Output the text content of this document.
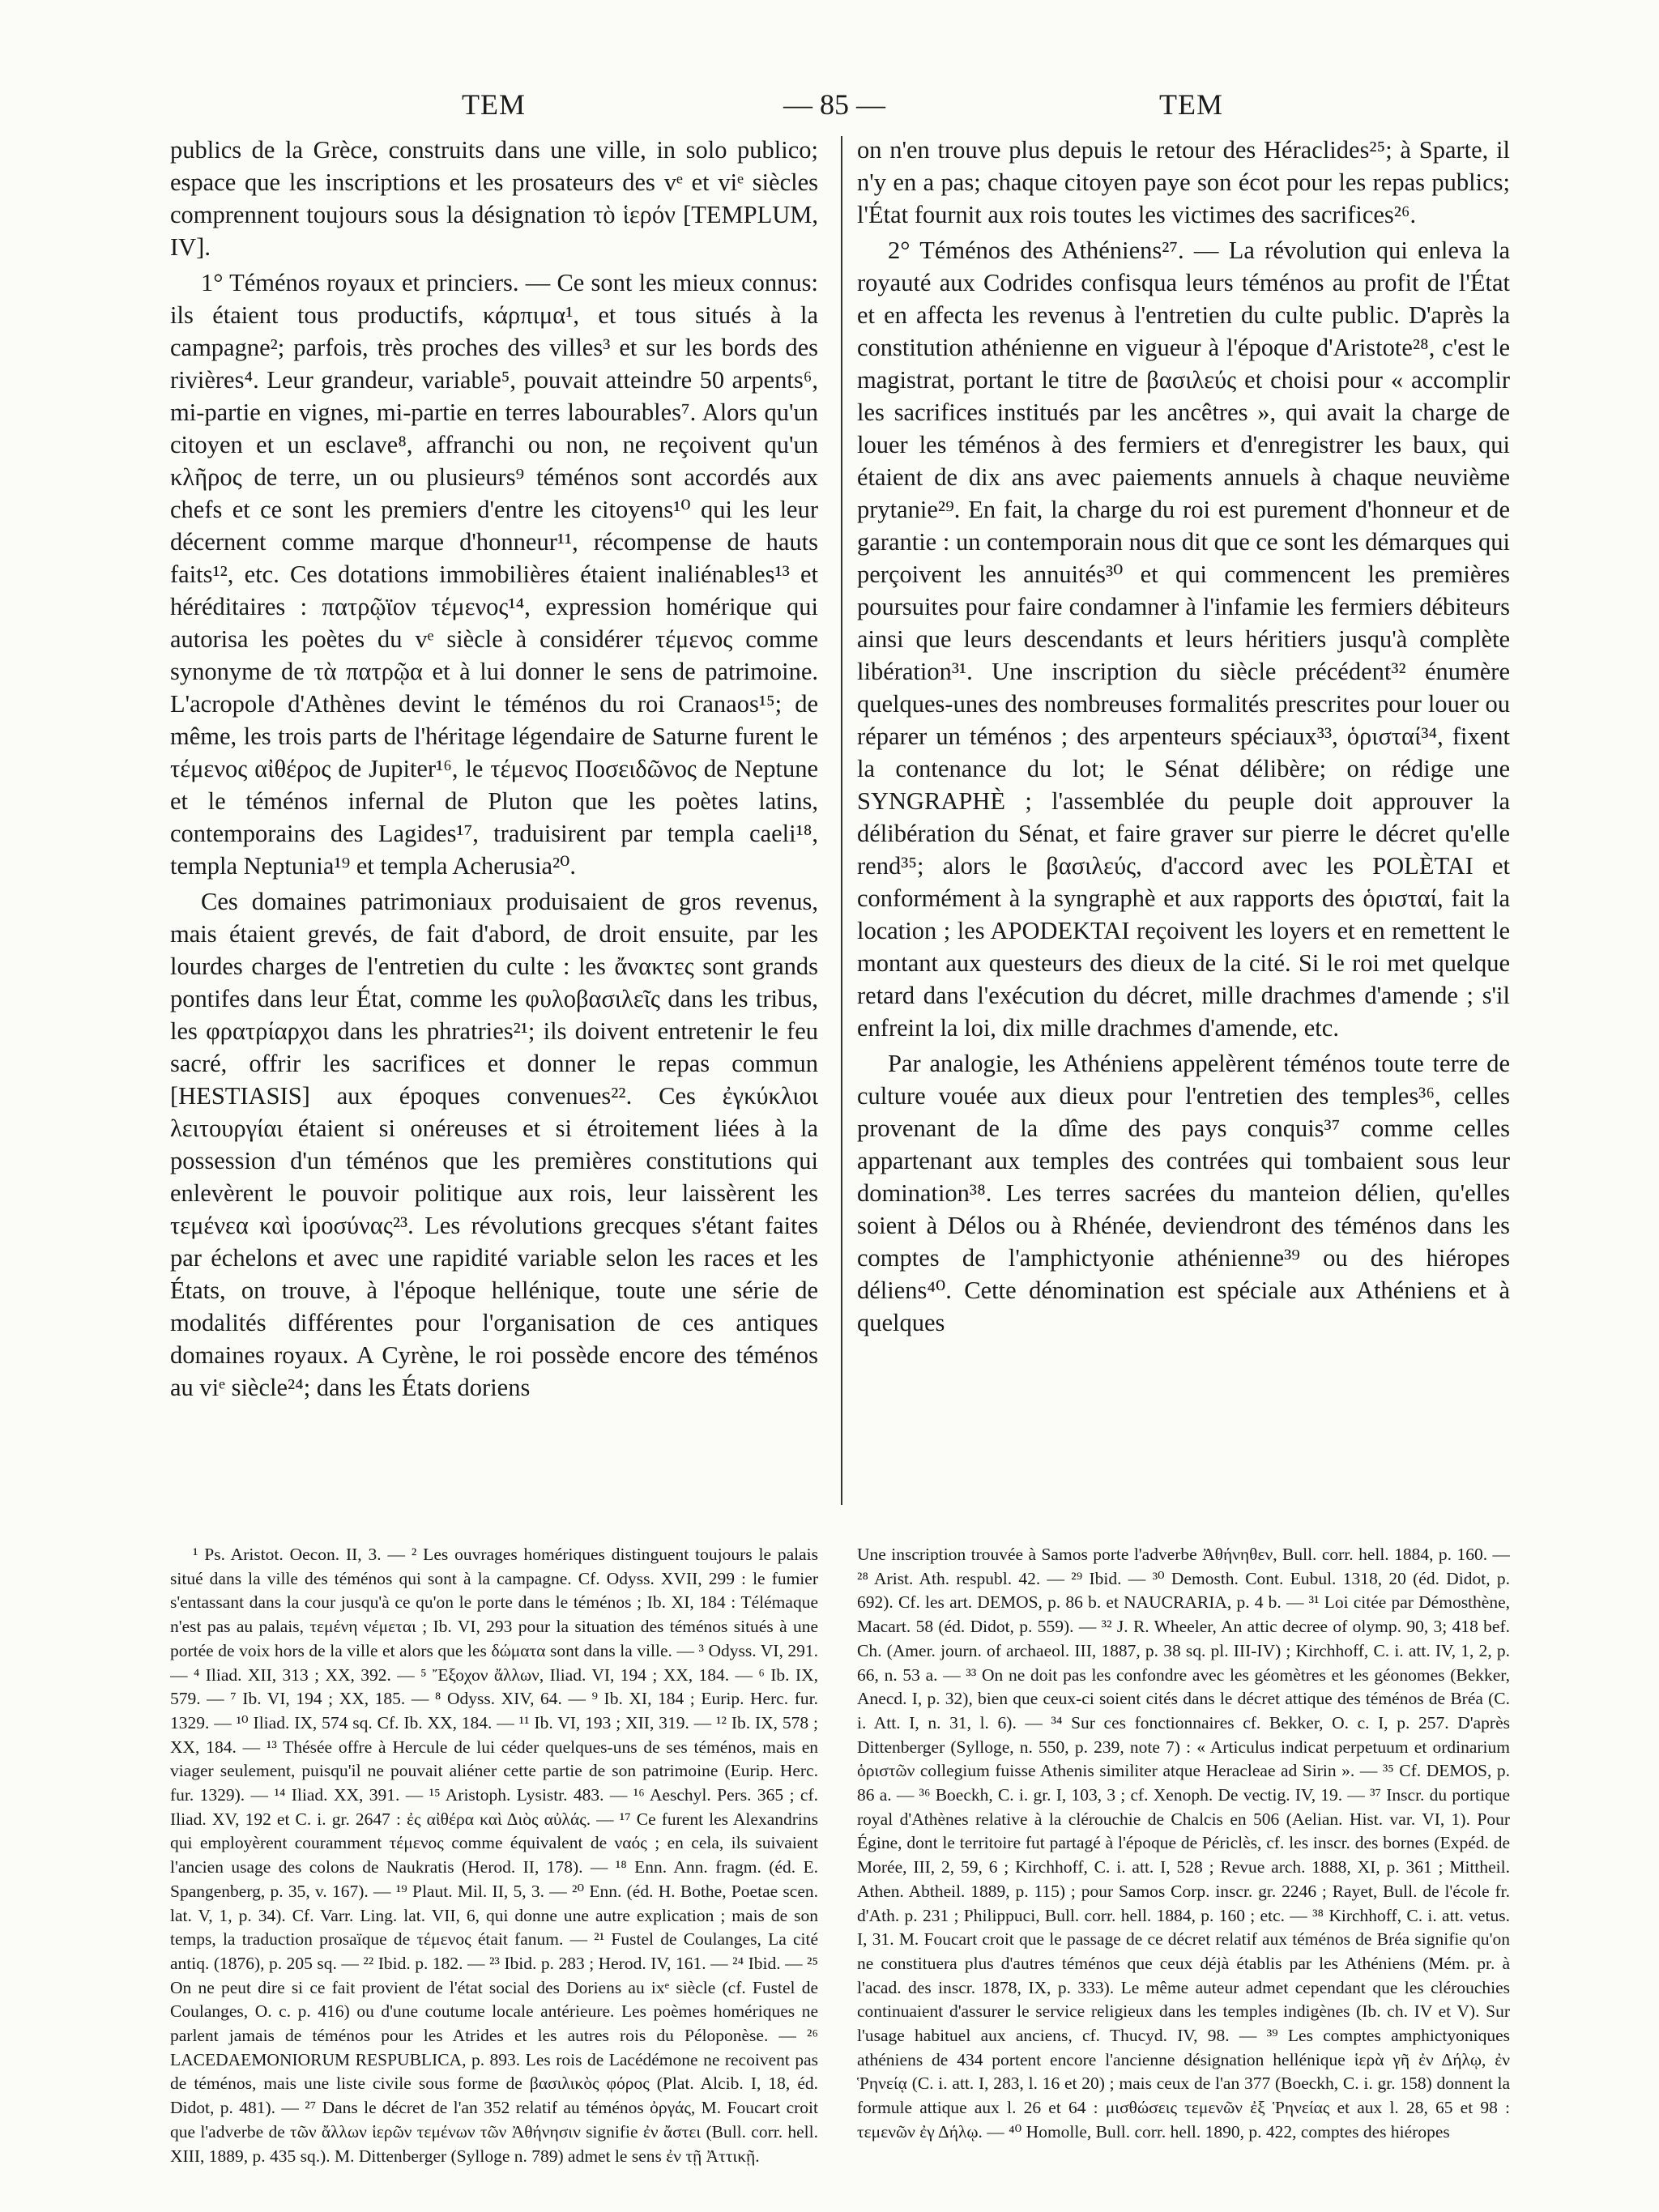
TEM	— 85 —	TEM

publics de la Grèce, construits dans une ville, in solo publico; espace que les inscriptions et les prosateurs des vᵉ et viᵉ siècles comprennent toujours sous la désignation τὸ ἱερόν [TEMPLUM, IV].

1° Téménos royaux et princiers. — Ce sont les mieux connus: ils étaient tous productifs, κάρπιμα¹, et tous situés à la campagne²; parfois, très proches des villes³ et sur les bords des rivières⁴. Leur grandeur, variable⁵, pouvait atteindre 50 arpents⁶, mi-partie en vignes, mi-partie en terres labourables⁷. Alors qu'un citoyen et un esclave⁸, affranchi ou non, ne reçoivent qu'un κλῆρος de terre, un ou plusieurs⁹ téménos sont accordés aux chefs et ce sont les premiers d'entre les citoyens¹⁰ qui les leur décernent comme marque d'honneur¹¹, récompense de hauts faits¹², etc. Ces dotations immobilières étaient inaliénables¹³ et héréditaires : πατρῷϊον τέμενος¹⁴, expression homérique qui autorisa les poètes du vᵉ siècle à considérer τέμενος comme synonyme de τὰ πατρῷα et à lui donner le sens de patrimoine. L'acropole d'Athènes devint le téménos du roi Cranaos¹⁵; de même, les trois parts de l'héritage légendaire de Saturne furent le τέμενος αἰθέρος de Jupiter¹⁶, le τέμενος Ποσειδῶνος de Neptune et le téménos infernal de Pluton que les poètes latins, contemporains des Lagides¹⁷, traduisirent par templa caeli¹⁸, templa Neptunia¹⁹ et templa Acherusia²⁰.

Ces domaines patrimoniaux produisaient de gros revenus, mais étaient grevés, de fait d'abord, de droit ensuite, par les lourdes charges de l'entretien du culte : les ἄνακτες sont grands pontifes dans leur État, comme les φυλοβασιλεῖς dans les tribus, les φρατρίαρχοι dans les phratries²¹; ils doivent entretenir le feu sacré, offrir les sacrifices et donner le repas commun [HESTIASIS] aux époques convenues²². Ces ἐγκύκλιοι λειτουργίαι étaient si onéreuses et si étroitement liées à la possession d'un téménos que les premières constitutions qui enlevèrent le pouvoir politique aux rois, leur laissèrent les τεμένεα καὶ ἱροσύνας²³. Les révolutions grecques s'étant faites par échelons et avec une rapidité variable selon les races et les États, on trouve, à l'époque hellénique, toute une série de modalités différentes pour l'organisation de ces antiques domaines royaux. A Cyrène, le roi possède encore des téménos au viᵉ siècle²⁴; dans les États doriens

on n'en trouve plus depuis le retour des Héraclides²⁵; à Sparte, il n'y en a pas; chaque citoyen paye son écot pour les repas publics; l'État fournit aux rois toutes les victimes des sacrifices²⁶.

2° Téménos des Athéniens²⁷. — La révolution qui enleva la royauté aux Codrides confisqua leurs téménos au profit de l'État et en affecta les revenus à l'entretien du culte public. D'après la constitution athénienne en vigueur à l'époque d'Aristote²⁸, c'est le magistrat, portant le titre de βασιλεύς et choisi pour « accomplir les sacrifices institués par les ancêtres », qui avait la charge de louer les téménos à des fermiers et d'enregistrer les baux, qui étaient de dix ans avec paiements annuels à chaque neuvième prytanie²⁹. En fait, la charge du roi est purement d'honneur et de garantie : un contemporain nous dit que ce sont les démarques qui perçoivent les annuités³⁰ et qui commencent les premières poursuites pour faire condamner à l'infamie les fermiers débiteurs ainsi que leurs descendants et leurs héritiers jusqu'à complète libération³¹. Une inscription du siècle précédent³² énumère quelques-unes des nombreuses formalités prescrites pour louer ou réparer un téménos ; des arpenteurs spéciaux³³, ὁρισταί³⁴, fixent la contenance du lot; le Sénat délibère; on rédige une SYNGRAPHÈ ; l'assemblée du peuple doit approuver la délibération du Sénat, et faire graver sur pierre le décret qu'elle rend³⁵; alors le βασιλεύς, d'accord avec les POLÈTAI et conformément à la syngraphè et aux rapports des ὁρισταί, fait la location ; les APODEKTAI reçoivent les loyers et en remettent le montant aux questeurs des dieux de la cité. Si le roi met quelque retard dans l'exécution du décret, mille drachmes d'amende ; s'il enfreint la loi, dix mille drachmes d'amende, etc.

Par analogie, les Athéniens appelèrent téménos toute terre de culture vouée aux dieux pour l'entretien des temples³⁶, celles provenant de la dîme des pays conquis³⁷ comme celles appartenant aux temples des contrées qui tombaient sous leur domination³⁸. Les terres sacrées du manteion délien, qu'elles soient à Délos ou à Rhénée, deviendront des téménos dans les comptes de l'amphictyonie athénienne³⁹ ou des hiéropes déliens⁴⁰. Cette dénomination est spéciale aux Athéniens et à quelques

¹ Ps. Aristot. Oecon. II, 3. — ² Les ouvrages homériques distinguent toujours le palais situé dans la ville des téménos qui sont à la campagne. Cf. Odyss. XVII, 299 : le fumier s'entassant dans la cour jusqu'à ce qu'on le porte dans le téménos ; Ib. XI, 184 : Télémaque n'est pas au palais, τεμένη νέμεται ; Ib. VI, 293 pour la situation des téménos situés à une portée de voix hors de la ville et alors que les δώματα sont dans la ville. — ³ Odyss. VI, 291. — ⁴ Iliad. XII, 313 ; XX, 392. — ⁵ Ἔξοχον ἄλλων, Iliad. VI, 194 ; XX, 184. — ⁶ Ib. IX, 579. — ⁷ Ib. VI, 194 ; XX, 185. — ⁸ Odyss. XIV, 64. — ⁹ Ib. XI, 184 ; Eurip. Herc. fur. 1329. — ¹⁰ Iliad. IX, 574 sq. Cf. Ib. XX, 184. — ¹¹ Ib. VI, 193 ; XII, 319. — ¹² Ib. IX, 578 ; XX, 184. — ¹³ Thésée offre à Hercule de lui céder quelques-uns de ses téménos, mais en viager seulement, puisqu'il ne pouvait aliéner cette partie de son patrimoine (Eurip. Herc. fur. 1329). — ¹⁴ Iliad. XX, 391. — ¹⁵ Aristoph. Lysistr. 483. — ¹⁶ Aeschyl. Pers. 365 ; cf. Iliad. XV, 192 et C. i. gr. 2647 : ἐς αἰθέρα καὶ Διὸς αὐλάς. — ¹⁷ Ce furent les Alexandrins qui employèrent couramment τέμενος comme équivalent de ναός ; en cela, ils suivaient l'ancien usage des colons de Naukratis (Herod. II, 178). — ¹⁸ Enn. Ann. fragm. (éd. E. Spangenberg, p. 35, v. 167). — ¹⁹ Plaut. Mil. II, 5, 3. — ²⁰ Enn. (éd. H. Bothe, Poetae scen. lat. V, 1, p. 34). Cf. Varr. Ling. lat. VII, 6, qui donne une autre explication ; mais de son temps, la traduction prosaïque de τέμενος était fanum. — ²¹ Fustel de Coulanges, La cité antiq. (1876), p. 205 sq. — ²² Ibid. p. 182. — ²³ Ibid. p. 283 ; Herod. IV, 161. — ²⁴ Ibid. — ²⁵ On ne peut dire si ce fait provient de l'état social des Doriens au ixᵉ siècle (cf. Fustel de Coulanges, O. c. p. 416) ou d'une coutume locale antérieure. Les poèmes homériques ne parlent jamais de téménos pour les Atrides et les autres rois du Péloponèse. — ²⁶ LACEDAEMONIORUM RESPUBLICA, p. 893. Les rois de Lacédémone ne recoivent pas de téménos, mais une liste civile sous forme de βασιλικὸς φόρος (Plat. Alcib. I, 18, éd. Didot, p. 481). — ²⁷ Dans le décret de l'an 352 relatif au téménos ὀργάς, M. Foucart croit que l'adverbe de τῶν ἄλλων ἱερῶν τεμένων τῶν Ἀθήνησιν signifie ἐν ἄστει (Bull. corr. hell. XIII, 1889, p. 435 sq.). M. Dittenberger (Sylloge n. 789) admet le sens ἐν τῇ Ἀττικῇ.

Une inscription trouvée à Samos porte l'adverbe Ἀθήνηθεν, Bull. corr. hell. 1884, p. 160. — ²⁸ Arist. Ath. respubl. 42. — ²⁹ Ibid. — ³⁰ Demosth. Cont. Eubul. 1318, 20 (éd. Didot, p. 692). Cf. les art. DEMOS, p. 86 b. et NAUCRARIA, p. 4 b. — ³¹ Loi citée par Démosthène, Macart. 58 (éd. Didot, p. 559). — ³² J. R. Wheeler, An attic decree of olymp. 90, 3; 418 bef. Ch. (Amer. journ. of archaeol. III, 1887, p. 38 sq. pl. III-IV) ; Kirchhoff, C. i. att. IV, 1, 2, p. 66, n. 53 a. — ³³ On ne doit pas les confondre avec les géomètres et les géonomes (Bekker, Anecd. I, p. 32), bien que ceux-ci soient cités dans le décret attique des téménos de Bréa (C. i. Att. I, n. 31, l. 6). — ³⁴ Sur ces fonctionnaires cf. Bekker, O. c. I, p. 257. D'après Dittenberger (Sylloge, n. 550, p. 239, note 7) : « Articulus indicat perpetuum et ordinarium ὁριστῶν collegium fuisse Athenis similiter atque Heracleae ad Sirin ». — ³⁵ Cf. DEMOS, p. 86 a. — ³⁶ Boeckh, C. i. gr. I, 103, 3 ; cf. Xenoph. De vectig. IV, 19. — ³⁷ Inscr. du portique royal d'Athènes relative à la clérouchie de Chalcis en 506 (Aelian. Hist. var. VI, 1). Pour Égine, dont le territoire fut partagé à l'époque de Périclès, cf. les inscr. des bornes (Expéd. de Morée, III, 2, 59, 6 ; Kirchhoff, C. i. att. I, 528 ; Revue arch. 1888, XI, p. 361 ; Mittheil. Athen. Abtheil. 1889, p. 115) ; pour Samos Corp. inscr. gr. 2246 ; Rayet, Bull. de l'école fr. d'Ath. p. 231 ; Philippuci, Bull. corr. hell. 1884, p. 160 ; etc. — ³⁸ Kirchhoff, C. i. att. vetus. I, 31. M. Foucart croit que le passage de ce décret relatif aux téménos de Bréa signifie qu'on ne constituera plus d'autres téménos que ceux déjà établis par les Athéniens (Mém. pr. à l'acad. des inscr. 1878, IX, p. 333). Le même auteur admet cependant que les clérouchies continuaient d'assurer le service religieux dans les temples indigènes (Ib. ch. IV et V). Sur l'usage habituel aux anciens, cf. Thucyd. IV, 98. — ³⁹ Les comptes amphictyoniques athéniens de 434 portent encore l'ancienne désignation hellénique ἱερὰ γῆ ἐν Δήλῳ, ἐν Ῥηνείᾳ (C. i. att. I, 283, l. 16 et 20) ; mais ceux de l'an 377 (Boeckh, C. i. gr. 158) donnent la formule attique aux l. 26 et 64 : μισθώσεις τεμενῶν ἐξ Ῥηνείας et aux l. 28, 65 et 98 : τεμενῶν ἐγ Δήλῳ. — ⁴⁰ Homolle, Bull. corr. hell. 1890, p. 422, comptes des hiéropes
